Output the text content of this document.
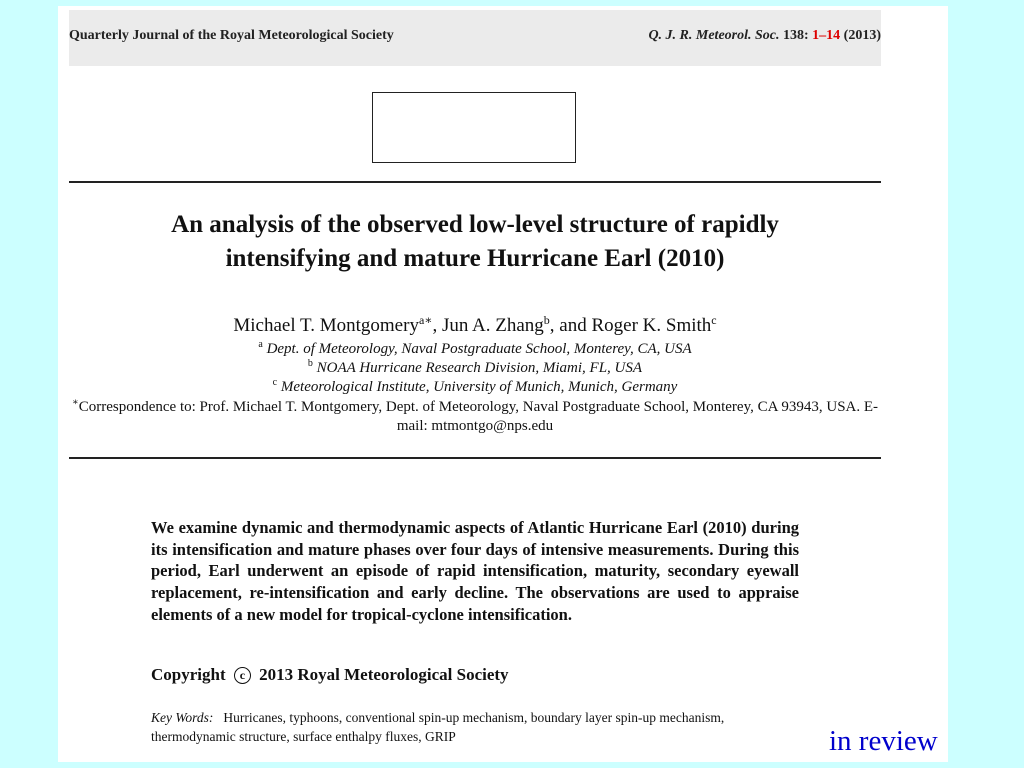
Quarterly Journal of the Royal Meteorological Society	Q. J. R. Meteorol. Soc. 138: 1–14 (2013)
An analysis of the observed low-level structure of rapidly
intensifying and mature Hurricane Earl (2010)
Michael T. Montgomery$^{a∗}$, Jun A. Zhang$^b$, and Roger K. Smith$^c$
$^a$ Dept. of Meteorology, Naval Postgraduate School, Monterey, CA, USA
$^b$ NOAA Hurricane Research Division, Miami, FL, USA
$^c$ Meteorological Institute, University of Munich, Munich, Germany
∗Correspondence to: Prof. Michael T. Montgomery, Dept. of Meteorology, Naval Postgraduate School, Monterey, CA 93943, USA. E-mail: mtmontgo@nps.edu
We examine dynamic and thermodynamic aspects of Atlantic Hurricane Earl (2010) during its intensification and mature phases over four days of intensive measurements. During this period, Earl underwent an episode of rapid intensification, maturity, secondary eyewall replacement, re-intensification and early decline. The observations are used to appraise elements of a new model for tropical-cyclone intensification.
Copyright c 2013 Royal Meteorological Society
Key Words: Hurricanes, typhoons, conventional spin-up mechanism, boundary layer spin-up mechanism, thermodynamic structure, surface enthalpy fluxes, GRIP	in review
